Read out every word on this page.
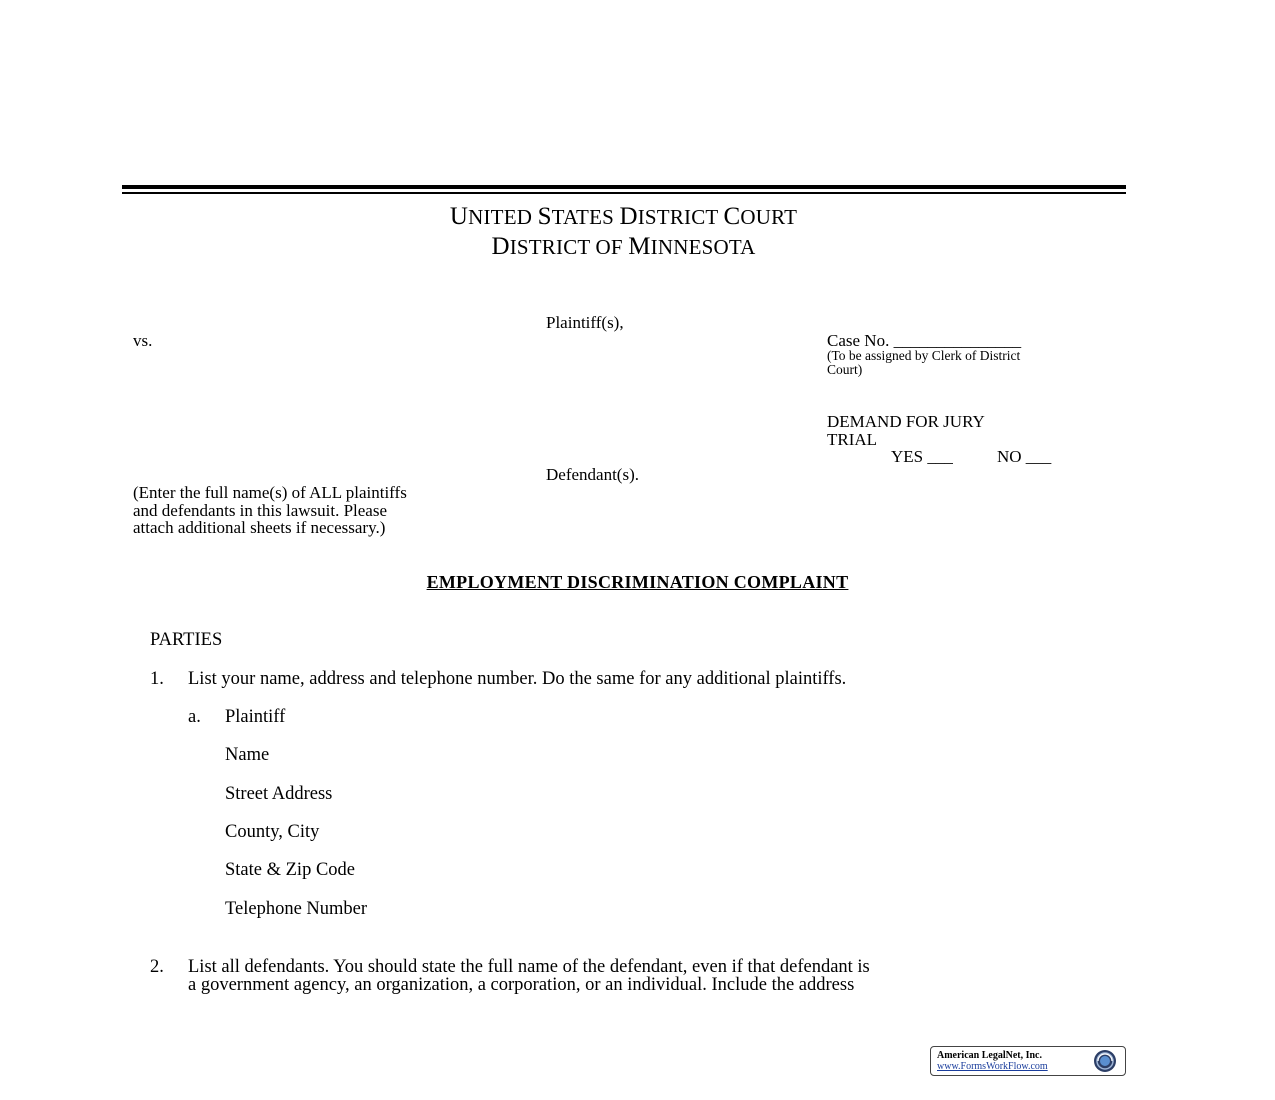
UNITED STATES DISTRICT COURT
DISTRICT OF MINNESOTA
Plaintiff(s),
vs.
Defendant(s).
(Enter the full name(s) of ALL plaintiffs
and defendants in this lawsuit. Please
attach additional sheets if necessary.)
Case No. _______________
(To be assigned by Clerk of District
Court)
DEMAND FOR JURY
TRIAL
YES ___	NO ___
EMPLOYMENT DISCRIMINATION COMPLAINT
PARTIES
1. List your name, address and telephone number. Do the same for any additional plaintiffs.
a. Plaintiff
Name
Street Address
County, City
State & Zip Code
Telephone Number
2. List all defendants. You should state the full name of the defendant, even if that defendant is
a government agency, an organization, a corporation, or an individual. Include the address
American LegalNet, Inc.
www.FormsWorkFlow.com
